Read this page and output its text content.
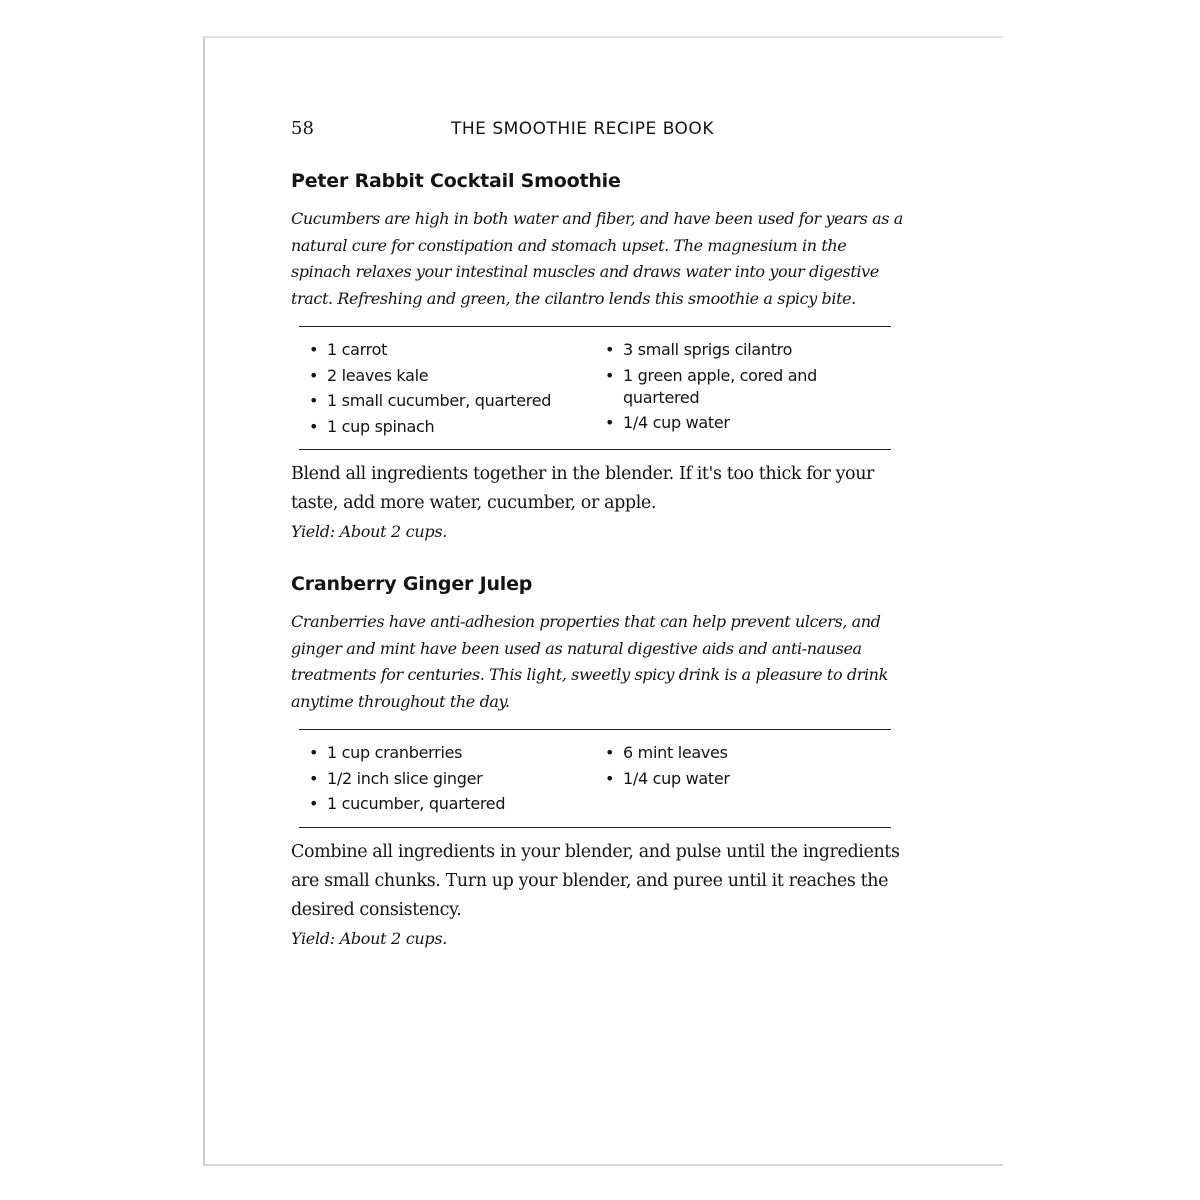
58	THE SMOOTHIE RECIPE BOOK
Peter Rabbit Cocktail Smoothie

Cucumbers are high in both water and fiber, and have been used for years as a natural cure for constipation and stomach upset. The magnesium in the spinach relaxes your intestinal muscles and draws water into your digestive tract. Refreshing and green, the cilantro lends this smoothie a spicy bite.

• 1 carrot
• 2 leaves kale
• 1 small cucumber, quartered
• 1 cup spinach
• 3 small sprigs cilantro
• 1 green apple, cored and quartered
• 1/4 cup water

Blend all ingredients together in the blender. If it's too thick for your taste, add more water, cucumber, or apple.

Yield: About 2 cups.

Cranberry Ginger Julep

Cranberries have anti-adhesion properties that can help prevent ulcers, and ginger and mint have been used as natural digestive aids and anti-nausea treatments for centuries. This light, sweetly spicy drink is a pleasure to drink anytime throughout the day.

• 1 cup cranberries
• 1/2 inch slice ginger
• 1 cucumber, quartered
• 6 mint leaves
• 1/4 cup water

Combine all ingredients in your blender, and pulse until the ingredients are small chunks. Turn up your blender, and puree until it reaches the desired consistency.

Yield: About 2 cups.
